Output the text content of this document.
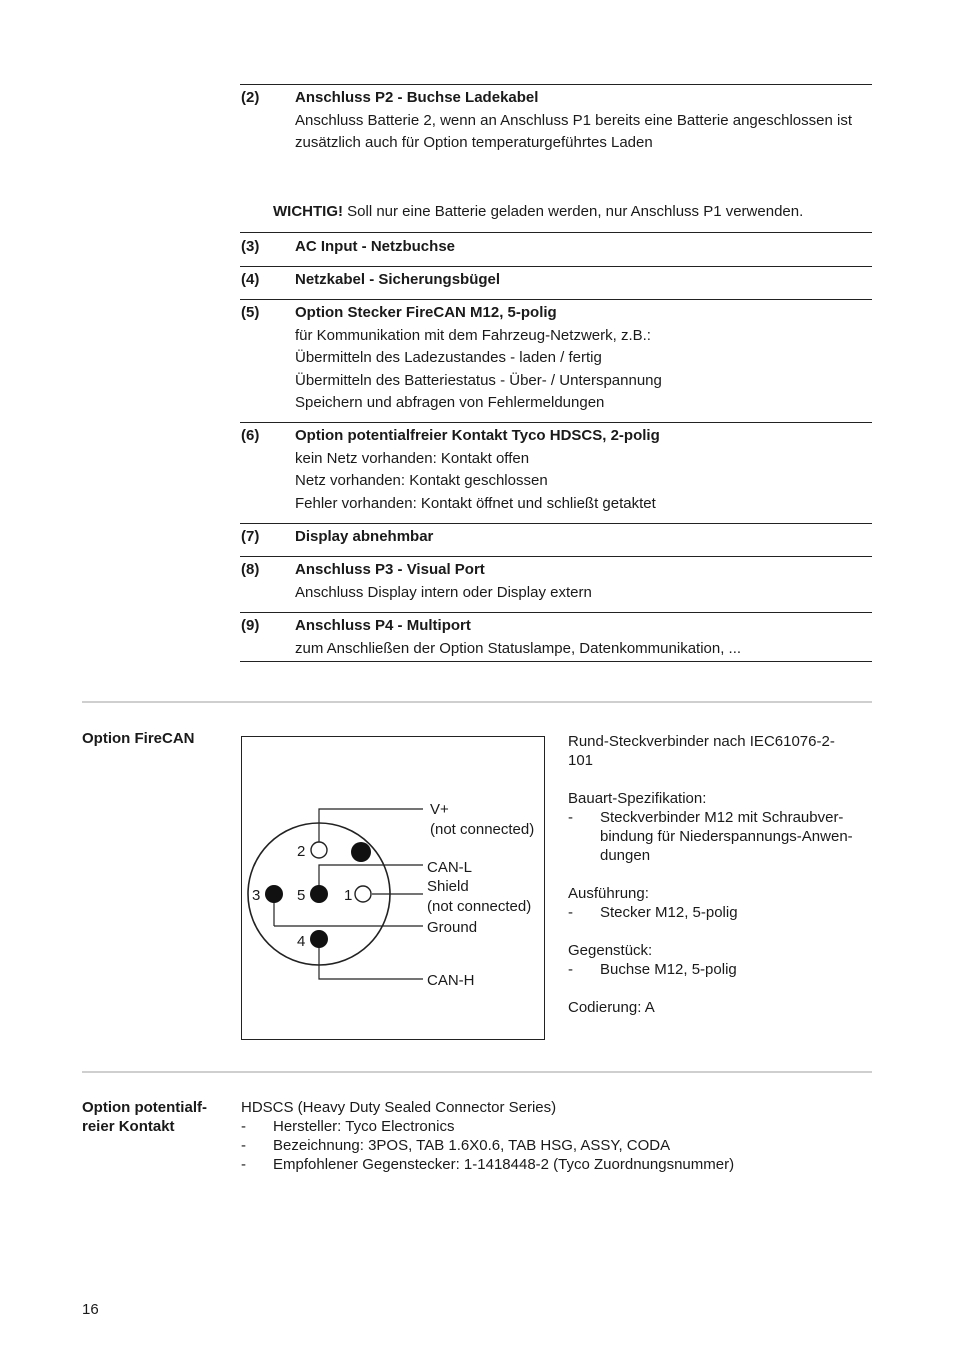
(2) Anschluss P2 - Buchse Ladekabel
Anschluss Batterie 2, wenn an Anschluss P1 bereits eine Batterie angeschlossen ist
zusätzlich auch für Option temperaturgeführtes Laden
WICHTIG! Soll nur eine Batterie geladen werden, nur Anschluss P1 verwenden.
(3) AC Input - Netzbuchse
(4) Netzkabel - Sicherungsbügel
(5) Option Stecker FireCAN M12, 5-polig
für Kommunikation mit dem Fahrzeug-Netzwerk, z.B.:
Übermitteln des Ladezustandes - laden / fertig
Übermitteln des Batteriestatus - Über- / Unterspannung
Speichern und abfragen von Fehlermeldungen
(6) Option potentialfreier Kontakt Tyco HDSCS, 2-polig
kein Netz vorhanden: Kontakt offen
Netz vorhanden: Kontakt geschlossen
Fehler vorhanden: Kontakt öffnet und schließt getaktet
(7) Display abnehmbar
(8) Anschluss P3 - Visual Port
Anschluss Display intern oder Display extern
(9) Anschluss P4 - Multiport
zum Anschließen der Option Statuslampe, Datenkommunikation, ...
Option FireCAN
2
1
3 5
4
V+
(not connected)
CAN-L
Shield
(not connected)
Ground
CAN-H
Rund-Steckverbinder nach IEC61076-2-
101
Bauart-Spezifikation:
- Steckverbinder M12 mit Schraubver-
bindung für Niederspannungs-Anwen-
dungen
Ausführung:
- Stecker M12, 5-polig
Gegenstück:
- Buchse M12, 5-polig
Codierung: A
Option potentialf-
reier Kontakt
HDSCS (Heavy Duty Sealed Connector Series)
- Hersteller: Tyco Electronics
- Bezeichnung: 3POS, TAB 1.6X0.6, TAB HSG, ASSY, CODA
- Empfohlener Gegenstecker: 1-1418448-2 (Tyco Zuordnungsnummer)
16
